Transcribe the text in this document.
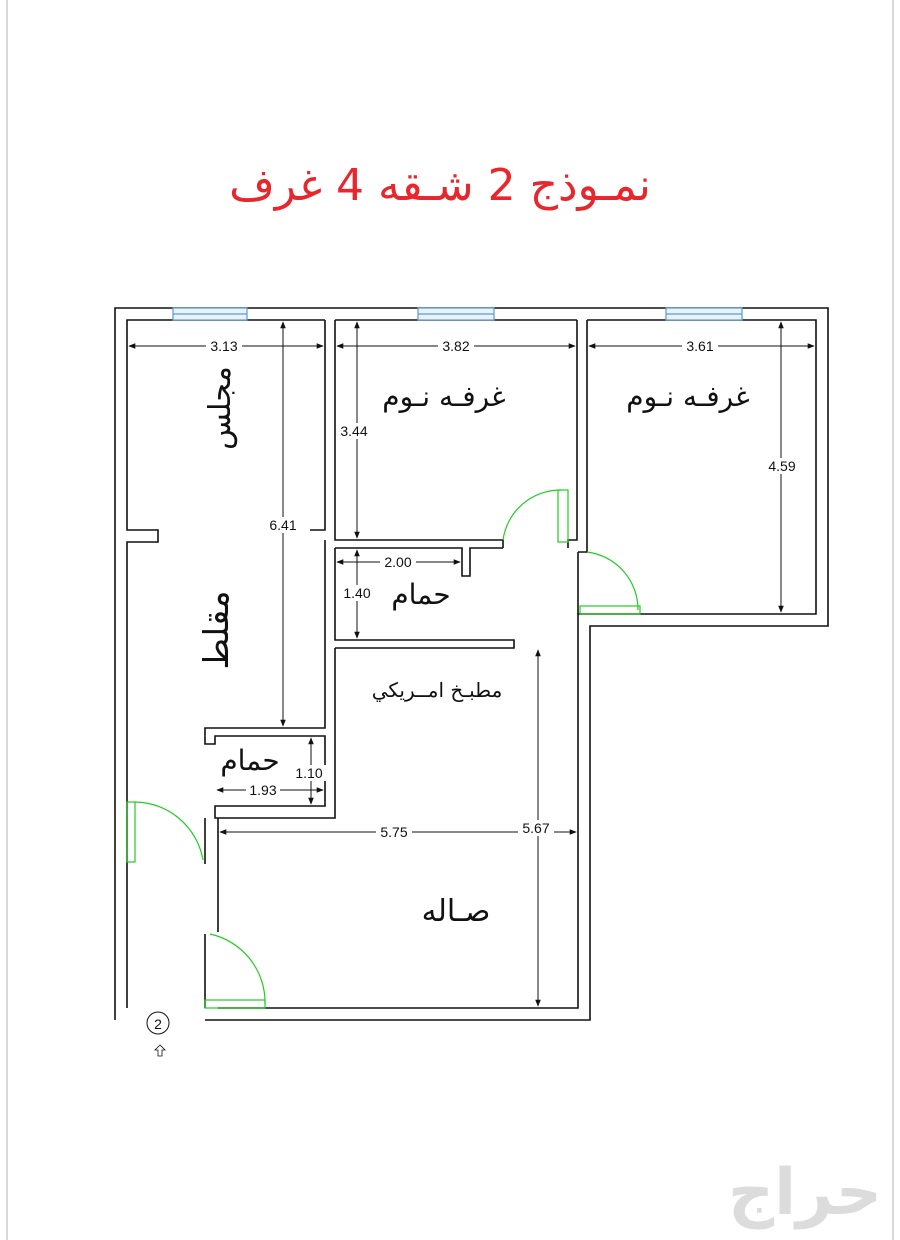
نمـوذج 2 شـقه 4 غرف
3.13	3.82	3.61
3.44
4.59
6.41
2.00
1.40
1.10
1.93
5.75	5.67
مجلس	غرفـه نـوم	غرفـه نـوم
حمام
مقلط
مطبـخ امــريكي
حمام
صـاله
2
حراج
